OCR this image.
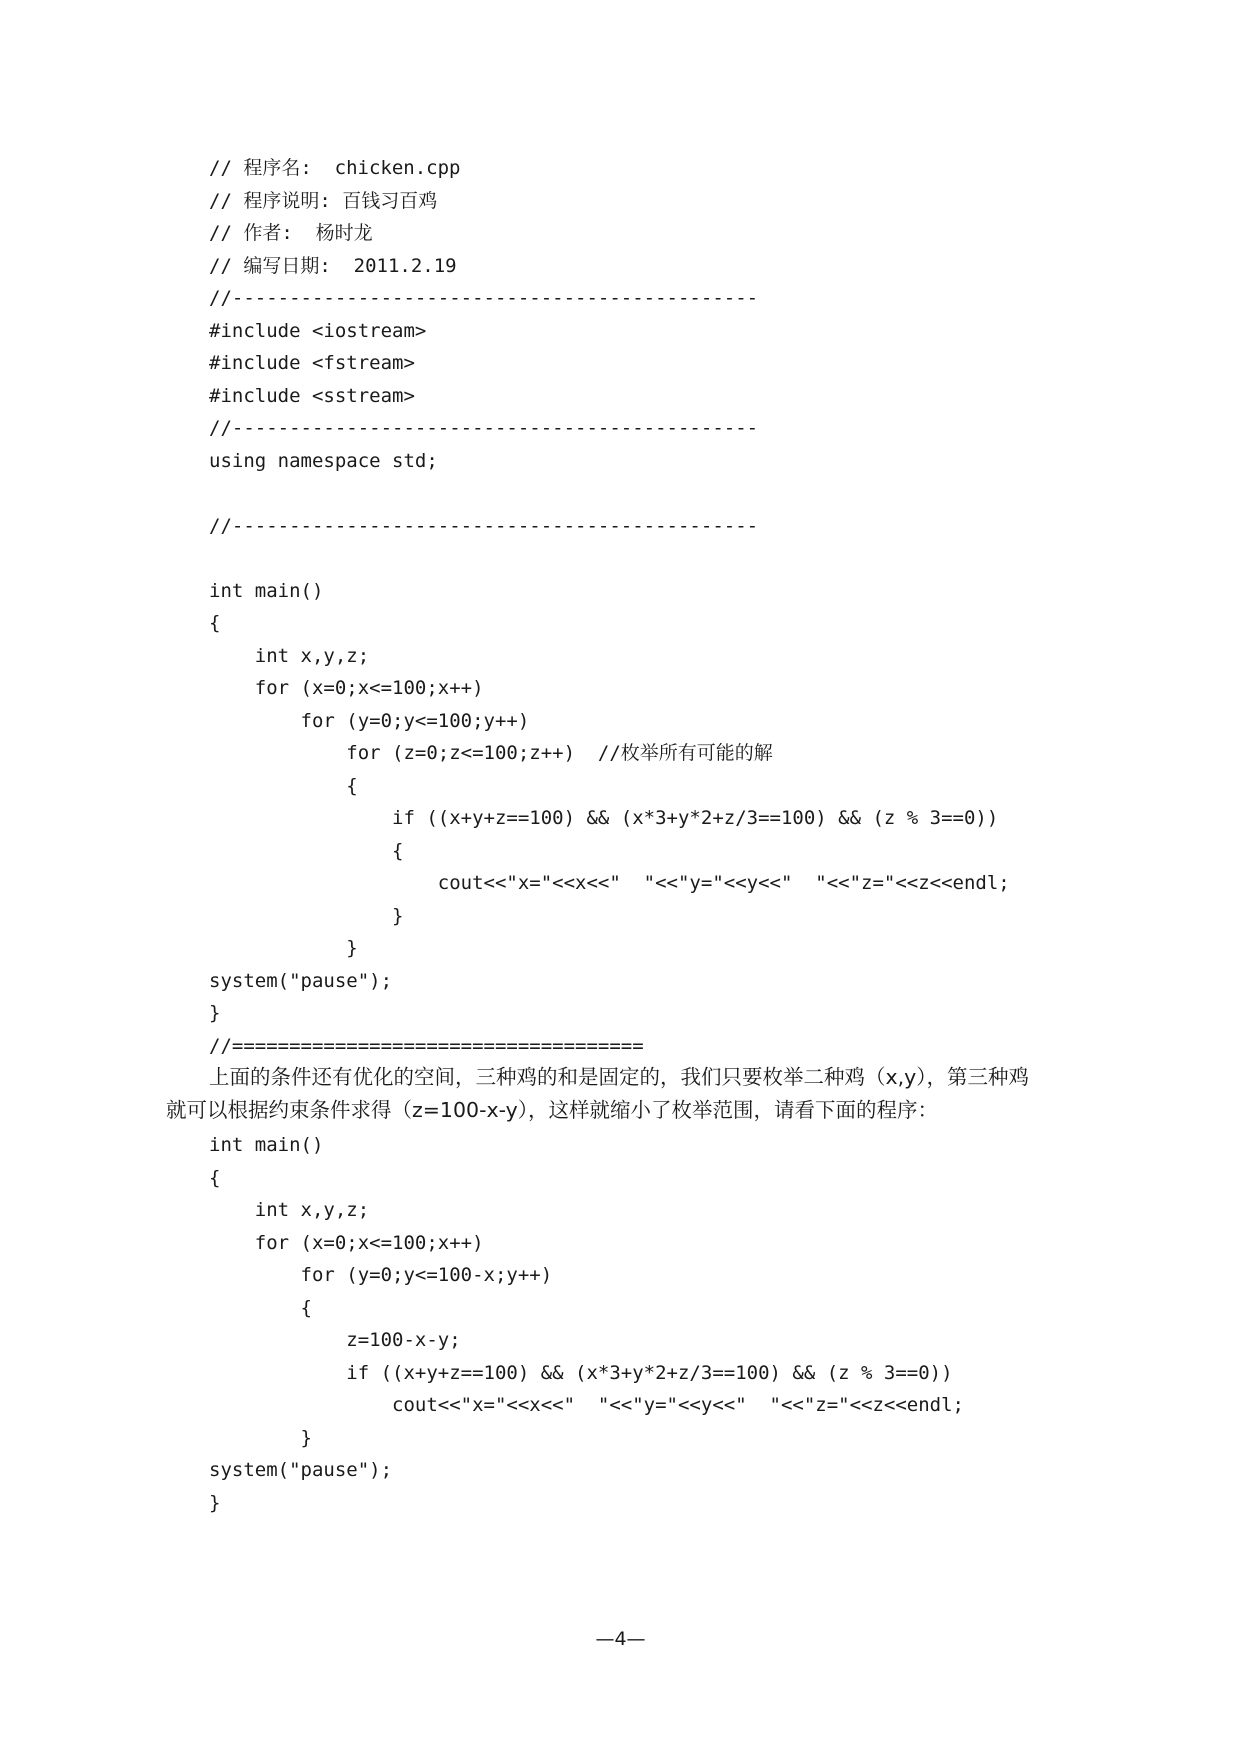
// 程序名:  chicken.cpp
// 程序说明: 百钱习百鸡
// 作者:  杨时龙
// 编写日期:  2011.2.19
//----------------------------------------------
#include <iostream>
#include <fstream>
#include <sstream>
//----------------------------------------------
using namespace std;
//----------------------------------------------
int main()
{
int x,y,z;
for (x=0;x<=100;x++)
for (y=0;y<=100;y++)
for (z=0;z<=100;z++)  //枚举所有可能的解
{
if ((x+y+z==100) && (x*3+y*2+z/3==100) && (z % 3==0))
{
cout<<"x="<<x<<"  "<<"y="<<y<<"  "<<"z="<<z<<endl;
}
}
system("pause");
}
//====================================
上面的条件还有优化的空间，三种鸡的和是固定的，我们只要枚举二种鸡（x,y），第三种鸡
就可以根据约束条件求得（z=100-x-y），这样就缩小了枚举范围，请看下面的程序：
int main()
{
int x,y,z;
for (x=0;x<=100;x++)
for (y=0;y<=100-x;y++)
{
z=100-x-y;
if ((x+y+z==100) && (x*3+y*2+z/3==100) && (z % 3==0))
cout<<"x="<<x<<"  "<<"y="<<y<<"  "<<"z="<<z<<endl;
}
system("pause");
}
—4—
